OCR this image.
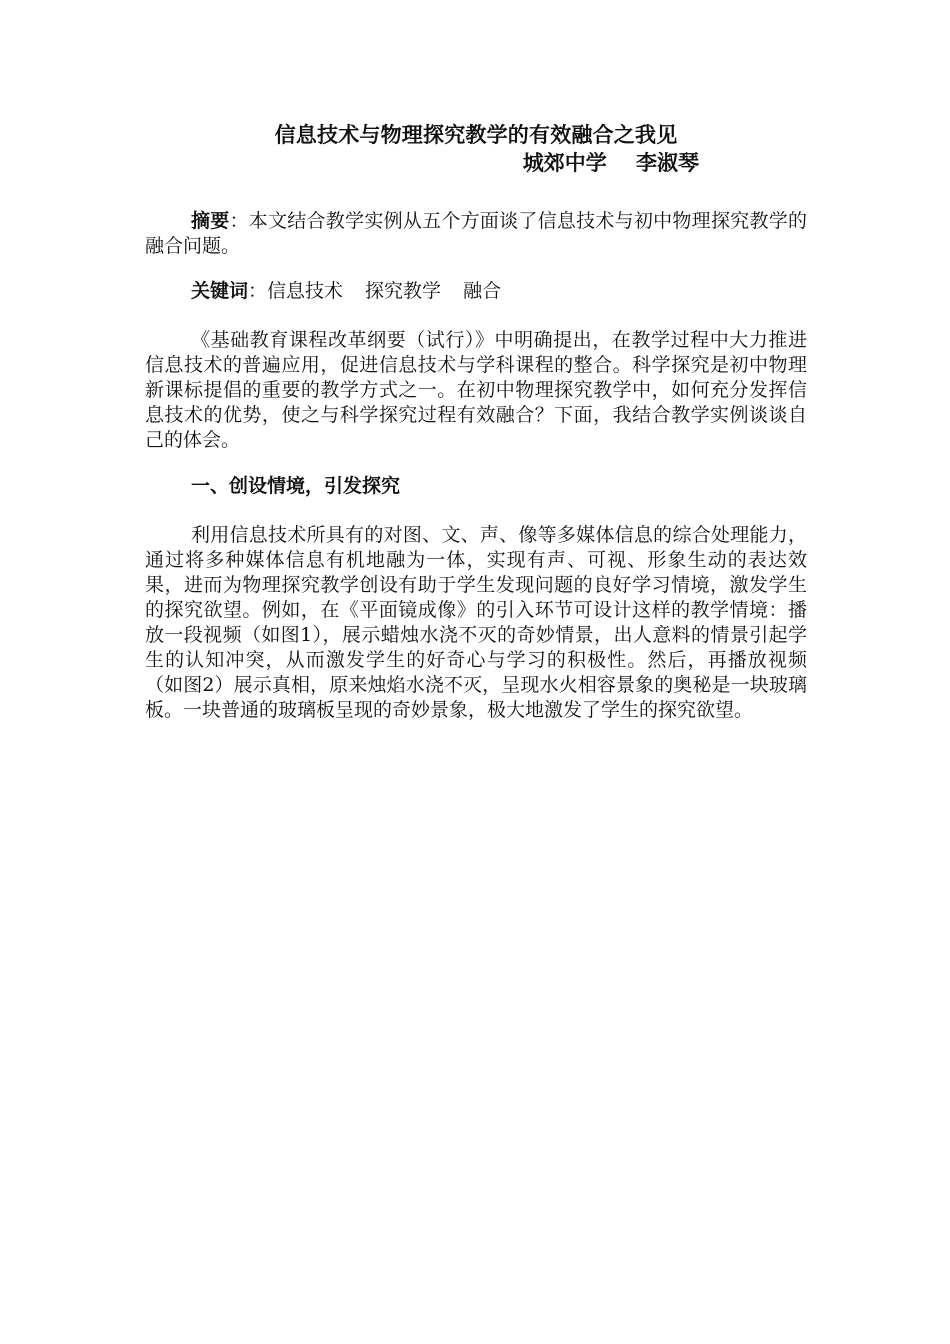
信息技术与物理探究教学的有效融合之我见
城郊中学    李淑琴

摘要：本文结合教学实例从五个方面谈了信息技术与初中物理探究教学的融合问题。

关键词：信息技术 探究教学 融合

《基础教育课程改革纲要（试行）》中明确提出，在教学过程中大力推进信息技术的普遍应用，促进信息技术与学科课程的整合。科学探究是初中物理新课标提倡的重要的教学方式之一。在初中物理探究教学中，如何充分发挥信息技术的优势，使之与科学探究过程有效融合？下面，我结合教学实例谈谈自己的体会。

一、创设情境，引发探究

利用信息技术所具有的对图、文、声、像等多媒体信息的综合处理能力，通过将多种媒体信息有机地融为一体，实现有声、可视、形象生动的表达效果，进而为物理探究教学创设有助于学生发现问题的良好学习情境，激发学生的探究欲望。例如，在《平面镜成像》的引入环节可设计这样的教学情境：播放一段视频（如图1），展示蜡烛水浇不灭的奇妙情景，出人意料的情景引起学生的认知冲突，从而激发学生的好奇心与学习的积极性。然后，再播放视频（如图2）展示真相，原来烛焰水浇不灭，呈现水火相容景象的奥秘是一块玻璃板。一块普通的玻璃板呈现的奇妙景象，极大地激发了学生的探究欲望。
